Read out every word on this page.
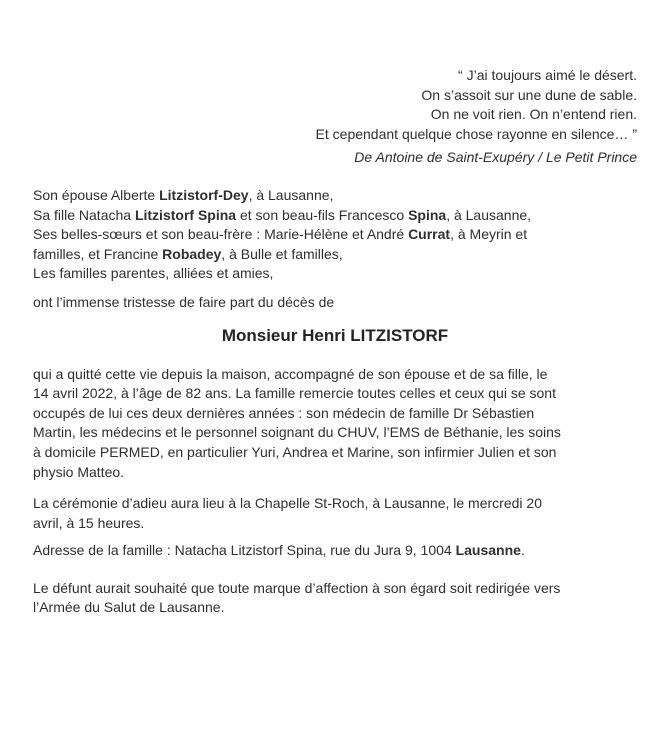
“ J’ai toujours aimé le désert.
On s’assoit sur une dune de sable.
On ne voit rien. On n’entend rien.
Et cependant quelque chose rayonne en silence… ”
De Antoine de Saint-Exupéry / Le Petit Prince
Son épouse Alberte Litzistorf-Dey, à Lausanne,
Sa fille Natacha Litzistorf Spina et son beau-fils Francesco Spina, à Lausanne,
Ses belles-sœurs et son beau-frère : Marie-Hélène et André Currat, à Meyrin et
familles, et Francine Robadey, à Bulle et familles,
Les familles parentes, alliées et amies,

ont l’immense tristesse de faire part du décès de

Monsieur Henri LITZISTORF
qui a quitté cette vie depuis la maison, accompagné de son épouse et de sa fille, le
14 avril 2022, à l’âge de 82 ans. La famille remercie toutes celles et ceux qui se sont
occupés de lui ces deux dernières années : son médecin de famille Dr Sébastien
Martin, les médecins et le personnel soignant du CHUV, l’EMS de Béthanie, les soins
à domicile PERMED, en particulier Yuri, Andrea et Marine, son infirmier Julien et son
physio Matteo.
La cérémonie d’adieu aura lieu à la Chapelle St-Roch, à Lausanne, le mercredi 20
avril, à 15 heures.
Adresse de la famille : Natacha Litzistorf Spina, rue du Jura 9, 1004 Lausanne.
Le défunt aurait souhaité que toute marque d’affection à son égard soit redirigée vers
l’Armée du Salut de Lausanne.
